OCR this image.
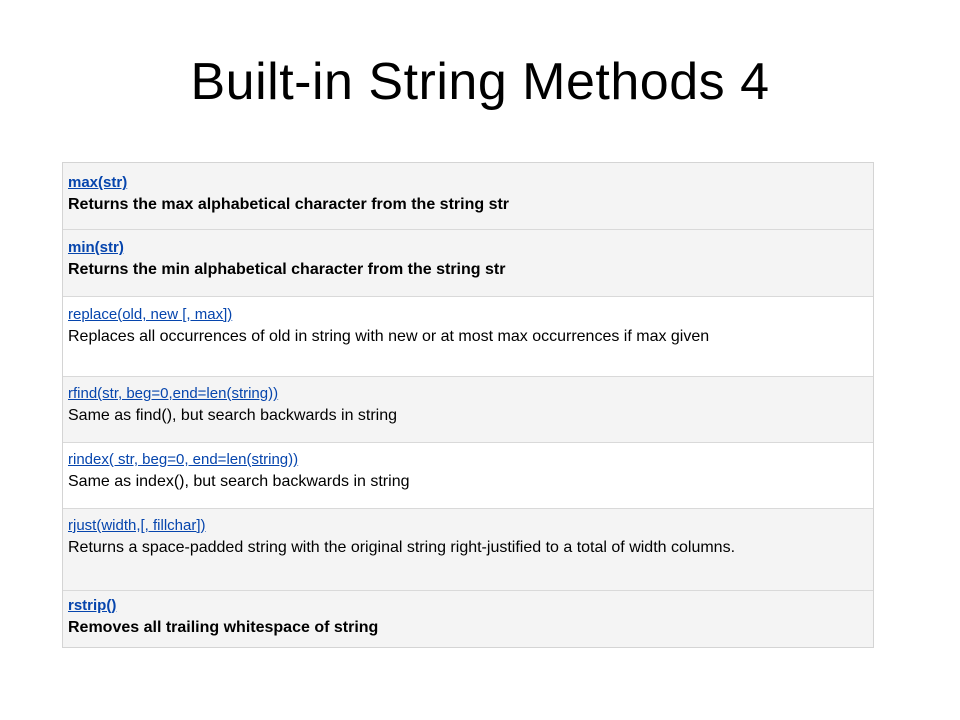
Built-in String Methods 4
max(str)
Returns the max alphabetical character from the string str
min(str)
Returns the min alphabetical character from the string str
replace(old, new [, max])
Replaces all occurrences of old in string with new or at most max occurrences if max given
rfind(str, beg=0,end=len(string))
Same as find(), but search backwards in string
rindex( str, beg=0, end=len(string))
Same as index(), but search backwards in string
rjust(width,[, fillchar])
Returns a space-padded string with the original string right-justified to a total of width columns.
rstrip()
Removes all trailing whitespace of string
